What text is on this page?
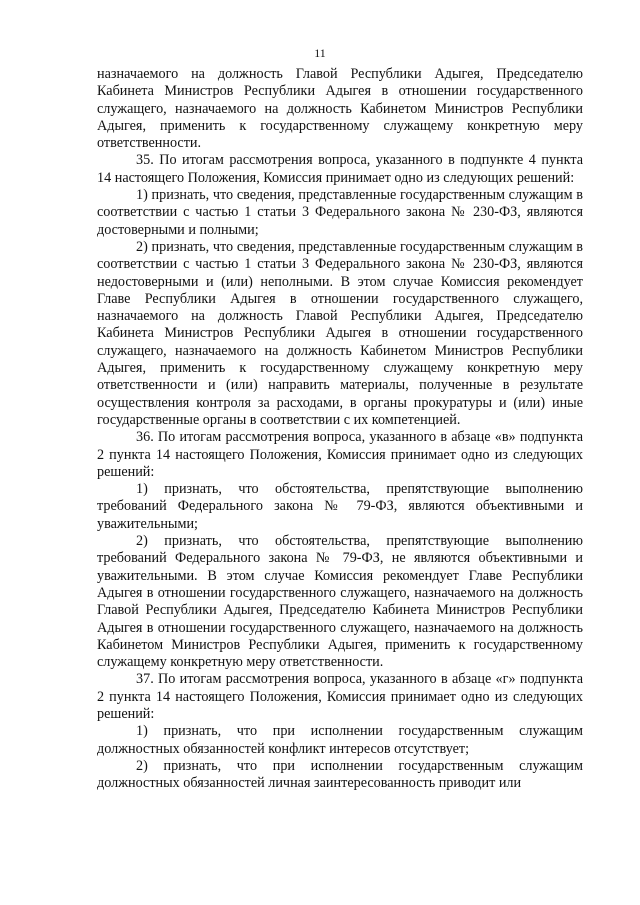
11

назначаемого на должность Главой Республики Адыгея, Председателю Кабинета Министров Республики Адыгея в отношении государственного служащего, назначаемого на должность Кабинетом Министров Республики Адыгея, применить к государственному служащему конкретную меру ответственности.

35. По итогам рассмотрения вопроса, указанного в подпункте 4 пункта 14 настоящего Положения, Комиссия принимает одно из следующих решений:

1) признать, что сведения, представленные государственным служащим в соответствии с частью 1 статьи 3 Федерального закона № 230-ФЗ, являются достоверными и полными;

2) признать, что сведения, представленные государственным служащим в соответствии с частью 1 статьи 3 Федерального закона № 230-ФЗ, являются недостоверными и (или) неполными. В этом случае Комиссия рекомендует Главе Республики Адыгея в отношении государственного служащего, назначаемого на должность Главой Республики Адыгея, Председателю Кабинета Министров Республики Адыгея в отношении государственного служащего, назначаемого на должность Кабинетом Министров Республики Адыгея, применить к государственному служащему конкретную меру ответственности и (или) направить материалы, полученные в результате осуществления контроля за расходами, в органы прокуратуры и (или) иные государственные органы в соответствии с их компетенцией.

36. По итогам рассмотрения вопроса, указанного в абзаце «в» подпункта 2 пункта 14 настоящего Положения, Комиссия принимает одно из следующих решений:

1) признать, что обстоятельства, препятствующие выполнению требований Федерального закона № 79-ФЗ, являются объективными и уважительными;

2) признать, что обстоятельства, препятствующие выполнению требований Федерального закона № 79-ФЗ, не являются объективными и уважительными. В этом случае Комиссия рекомендует Главе Республики Адыгея в отношении государственного служащего, назначаемого на должность Главой Республики Адыгея, Председателю Кабинета Министров Республики Адыгея в отношении государственного служащего, назначаемого на должность Кабинетом Министров Республики Адыгея, применить к государственному служащему конкретную меру ответственности.

37. По итогам рассмотрения вопроса, указанного в абзаце «г» подпункта 2 пункта 14 настоящего Положения, Комиссия принимает одно из следующих решений:

1) признать, что при исполнении государственным служащим должностных обязанностей конфликт интересов отсутствует;

2) признать, что при исполнении государственным служащим должностных обязанностей личная заинтересованность приводит или
